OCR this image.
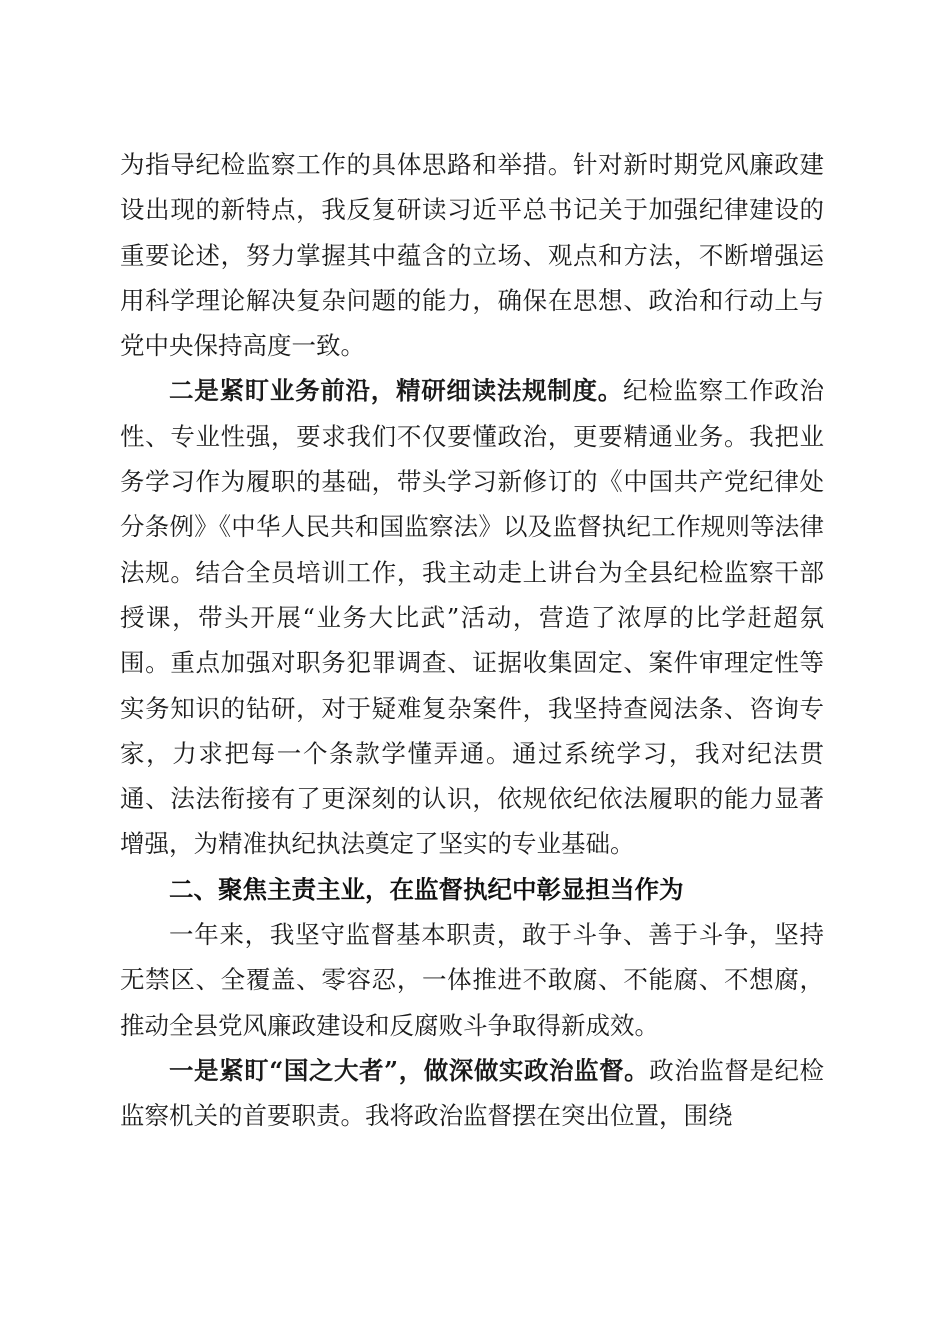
为指导纪检监察工作的具体思路和举措。针对新时期党风廉政建设出现的新特点，我反复研读习近平总书记关于加强纪律建设的重要论述，努力掌握其中蕴含的立场、观点和方法，不断增强运用科学理论解决复杂问题的能力，确保在思想、政治和行动上与党中央保持高度一致。

二是紧盯业务前沿，精研细读法规制度。纪检监察工作政治性、专业性强，要求我们不仅要懂政治，更要精通业务。我把业务学习作为履职的基础，带头学习新修订的《中国共产党纪律处分条例》《中华人民共和国监察法》以及监督执纪工作规则等法律法规。结合全员培训工作，我主动走上讲台为全县纪检监察干部授课，带头开展“业务大比武”活动，营造了浓厚的比学赶超氛围。重点加强对职务犯罪调查、证据收集固定、案件审理定性等实务知识的钻研，对于疑难复杂案件，我坚持查阅法条、咨询专家，力求把每一个条款学懂弄通。通过系统学习，我对纪法贯通、法法衔接有了更深刻的认识，依规依纪依法履职的能力显著增强，为精准执纪执法奠定了坚实的专业基础。

二、聚焦主责主业，在监督执纪中彰显担当作为

一年来，我坚守监督基本职责，敢于斗争、善于斗争，坚持无禁区、全覆盖、零容忍，一体推进不敢腐、不能腐、不想腐，推动全县党风廉政建设和反腐败斗争取得新成效。

一是紧盯“国之大者”，做深做实政治监督。政治监督是纪检监察机关的首要职责。我将政治监督摆在突出位置，围绕
